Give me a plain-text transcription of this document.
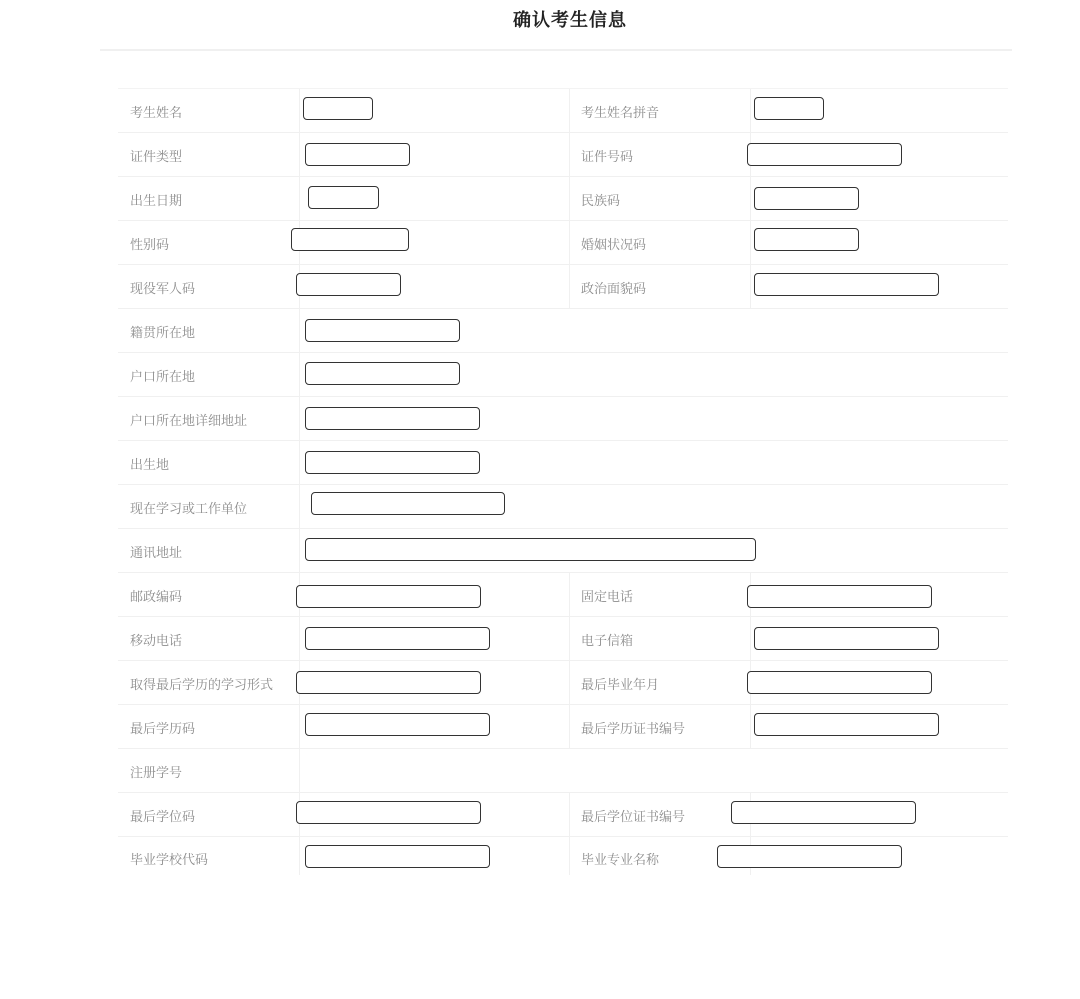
确认考生信息
考生姓名	考生姓名拼音
证件类型	证件号码
出生日期	民族码
性别码	婚姻状况码
现役军人码	政治面貌码
籍贯所在地
户口所在地
户口所在地详细地址
出生地
现在学习或工作单位
通讯地址
邮政编码	固定电话
移动电话	电子信箱
取得最后学历的学习形式	最后毕业年月
最后学历码	最后学历证书编号
注册学号
最后学位码	最后学位证书编号
毕业学校代码	毕业专业名称
